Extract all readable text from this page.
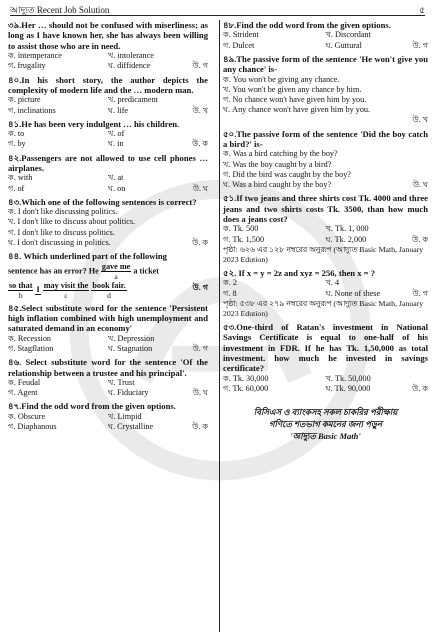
আদ্যুত Recent Job Solution	৫
৩৯.Her … should not be confused with miserliness; as long as I have known her, she has always been willing to assist those who are in need.
ক. intemperance	খ. intolerance
গ. frugality	ঘ. diffidence	উ. গ
৪০.In his short story, the author depicts the complexity of modern life and the … modern man.
ক. picture	খ. predicament
গ. inclinations	ঘ. life	উ. খ
৪১.He has been very indulgent … his children.
ক. to	খ. of
গ. by	ঘ. in	উ. ক
৪২.Passengers are not allowed to use cell phones … airplanes.
ক. with	খ. at
গ. of	ঘ. on	উ. ঘ
৪৩.Which one of the following sentences is correct?
ক. I don't like discussing politics.
খ. I don't like to discuss about politics.
গ. I don't like to discuss politics.
ঘ. I don't discussing in politics.	উ. ক
৪৪. Which underlined part of the following
sentence has an error? He $\frac{\text{gave me}}{a}$ a ticket
$\frac{\text{so that}}{b}$
I
$\frac{\text{may visit the}}{c}$
$\frac{\text{book fair.}}{d}$	উ. গ
৪৫.Select substitute word for the sentence 'Persistent high inflation combined with high unemployment and saturated demand in an economy'
ক. Recession	খ. Depression
গ. Stagflation	ঘ. Stagnation	উ. গ
৪৬. Select substitute word for the sentence 'Of the relationship between a trustee and his principal'.
ক. Feudal	খ. Trust
গ. Agent	ঘ. Fiduciary	উ. ঘ
৪৭.Find the odd word from the given options.
ক. Obscure	খ. Limpid
গ. Diaphanous	ঘ. Crystalline	উ. ক
৪৮.Find the odd word from the given options.
ক. Strident	খ. Discordant
গ. Dulcet	ঘ. Guttural	উ. গ
৪৯.The passive form of the sentence 'He won't give you any chance' is-
ক. You won't be giving any chance.
খ. You won't be given any chance by him.
গ. No chance won't have given him by you.
ঘ. Any chance won't have given him by you.
উ. খ
৫০.The passive form of the sentence 'Did the boy catch a bird?' is-
ক. Was a bird catching by the boy?
খ. Was the boy caught by a bird?
গ. Did the bird was caught by the boy?
ঘ. Was a bird caught by the boy?	উ. ঘ
৫১.If two jeans and three shirts cost Tk. 4000 and three jeans and two shirts costs Tk. 3500, than how much does a jeans cost?
ক. Tk. 500	খ. Tk. 1, 000
গ. Tk. 1,500	ঘ. Tk. 2,000	উ. ক
পৃষ্ঠা: ৬২৬ এর ১২৮ নম্বরের অনুরূপ (আদ্যুত Basic Math, January 2023 Edution)
৫২. If x = y = 2z and xyz = 256, then x = ?
ক. 2	খ. 4
গ. 8	ঘ. None of these	উ. গ
পৃষ্ঠা: ৫৩৮ এর ২৭৯ নম্বরের অনুরূপ (আদ্যুত Basic Math, January 2023 Edution)
৫৩.One-third of Ratan's investment in National Savings Certificate is equal to one-half of his investment in FDR. If he has Tk. 1,50,000 as total investment. how much he invested in savings certificate?
ক. Tk. 30,000	খ. Tk. 50,000
গ. Tk. 60,000	ঘ. Tk. 90,000	উ. ক
বিসিএস ও ব্যাংকসহ সকল চাকরির পরীক্ষায়
গণিতে শতভাগ কমনের জন্য পড়ুন
'আদ্যুত Basic Math'
